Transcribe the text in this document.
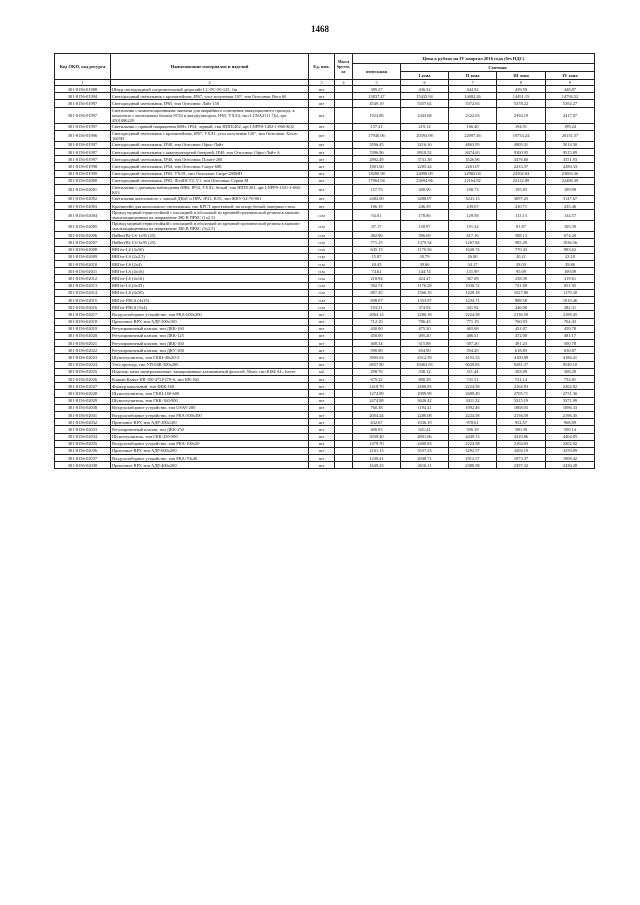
1468
Код ОКП, код ресурса	Наименование материалов и изделий	Ед. изм.	Масса брутто, кг	Цена в рублях на IV квартал 2016 года (без НДС)				
				отпускная	Сметная			
					I зона	II зона	III зона	IV зона
1	2	3	4	5	6	7	8	9
301-8156-01988	Шнур светодиодный соединительный дюралайт LC-PC-50-125, 1m	шт		389.27	436.32	444.92	439.59	448.87
301-8156-01994	Светодиодный светильник с кронштейном, IP67, угол излучения 110°, тип Оптолюкс Вега 60	шт		13837.47	15433.94	14682.26	14491.15	14794.52
301-8156-01997	Светодиодный светильник, IP65, тип Оптолюкс Лайт 150	шт		4549.19	5357.62	5372.63	5378.22	5392.27
301-8156-01997	Светильник с компенсационными линзами для аварийного освещения эвакуационного прохода, в комплекте с монтажным блоком ST34 и аккумулятором, IP65, УХЛ4, тип LUNA2111 7(s), арт 4501006220	шт		1923.86	2343.68	2322.03	2394.19	2417.07
301-8156-01997	Светильник с прямой напряжения 60Вт, IP54, черный, тип НПП1402, арт LNPP0-1402-1-060-K02	шт		157.21	219.14	166.40	194.91	199.24
301-8156-01996	Светодиодный светильник с кронштейном, IP67, УХЛ1, угол излучения 120°, тип Оптолюкс Холло 1065Н	шт		17940.06	20393.98	22097.46	19753.24	20151.57
301-8156-01997	Светодиодный светильник, IP40, тип Оптолюкс Офис-Лайт	шт		3596.45	3216.16	4863.95	4905.31	5014.38
301-8156-01997	Светодиодный светильник с аккумуляторной батареей, IP40, тип Оптолюкс Офис-Лайт-А	шт		7496.96	8918.52	8474.65	9300.95	9515.89
301-8156-01997	Светодиодный светильник, IP40, тип Оптолюкс Поинт-200	шт		2892.49	3731.38	3526.96	3476.60	3551.93
301-8156-01998	Светодиодный светильник, IP54, тип Оптолюкс Скорт-60Е	шт		1801.60	2285.24	2261.07	2233.37	2280.33
301-8156-01999	Светодиодный светильник, IP65, УХЛ1, тип Оптолюкс Скорт-200МП	шт		18280.98	24096.09	22982.04	22564.84	23063.36
301-8156-02000	Светодиодный светильник, IP65, IExdIICT4, V1, тип Оптолюкс Стрим М	шт		17964.94	23694.96	22164.82	22122.89	22486.39
301-8156-02001	Светильник с датчиком наблюдения 60Вт, IP54, УХЛ2, белый, тип НПП1301, арт LNPP0-1301-1-060-K03	шт		157.75	208.90	198.73	195.83	199.98
301-8156-02002	Светильник консольного с лампой ДНаТ и ПРА, IP23, КЛ1, тип ЖКУ-32-70-001	шт		2482.00	3280.07	3241.13	3097.25	3147.67
301-8156-02003	Кронштейн для консольного светильника, тип КРСТ приставной, на опору белый, материал сталь	шт		186.19	246.39	239.07	230.71	235.46
301-8156-02004	Провод медный термостойкий с изоляцией и оболочкой из кремний-органической резины в мягким-эмалезащищенным на напряжение 380 В ПРКС (1х2,5)	п.м		92.01	178.86	129.58	113.13	134.57
301-8156-02005	Провод медный термостойкий с изоляцией и оболочкой из кремний-органической резины в мягким-эмалезащищенным на напряжение 380 В ПРКС (5х2,5)	п.м		87.17	139.97	191.32	91.87	105.39
301-8156-02006	ПвВнг(B)-LS-1х95 (25)	п.м		482.96	596.69	617.16	588.13	674.20
301-8156-02007	ПвВнг(B)-LS-3х95 (25)	п.м		771.15	1379.34	1267.84	985.29	1036.56
301-8156-02008	ВВГнг-LS (4х50)	п.м		645.15	1170.56	1628.74	770.43	883.62
301-8156-02009	ВВГнг-LS (2х2,5)	п.м		15.87	30.79	26.00	20.21	23.18
301-8156-02010	ВВГнг-LS (2х4)	п.м		20.45	39.66	34.17	28.03	29.86
301-8156-02011	ВВГнг-LS (4х16)	п.м		74.62	144.74	131.99	95.09	109.09
301-8156-02012	ВВГнг-LS (4х16)	п.м		218.94	424.47	367.08	238.39	319.61
301-8156-02013	ВВГнг-LS (4х35)	п.м		392.74	1176.28	1030.72	741.80	851.05
301-8156-02014	ВВГнг-LS (4х50)	п.м		807.45	1566.35	1428.18	1027.80	1179.30
301-8156-02015	ВВГнг-FRLS (4х35)	п.м		698.07	1353.97	1234.71	888.58	1019.46
301-8156-02016	ВВГнг-FRLS (5х4)	п.м		193.31	374.94	341.92	246.08	282.31
301-8156-02017	Воздухозаборное устройство, тип РКА-600х300	шт		2064.14	2280.18	2224.58	2156.59	2189.45
301-8156-02018	Приточное ВРУ, тип АДР-200х100	шт		712.10	786.43	771.19	760.93	764.43
301-8156-02019	Регулировочный клапан, тип ДКК-160	шт		430.00	475.30	465.68	451.07	459.78
301-8156-02020	Регулировочный клапан, тип ДКК-125	шт		450.00	495.20	486.51	472.00	481.17
301-8156-02021	Регулировочный клапан, тип ДКК-160	шт		468.34	515.88	507.20	491.23	500.78
301-8156-02022	Регулировочный клапан, тип ДКУ-200	шт		590.00	654.90	594.20	618.85	630.87
301-8156-02023	Шумоглушитель, тип ГКШ-40х20-2	шт		3905.63	4312.59	4152.33	4100.89	4186.41
301-8156-02024	Узел прохода, тип УП-04К-300х200	шт		6857.80	10463.65	9639.83	9281.37	9549.10
301-8156-02025	Изделия, маты минераловатные, кашированные алюминиевой фольгой, 50мм, тип KIM-AL, Isover	м2		298.76	338.12	311.44	303.09	308.28
301-8156-02026	Клапан Канал-КВ-100-4*LF270-S, тип КВ-160	шт		679.22	808.28	741.51	721.14	734.81
301-8156-02027	Фильтр канальный, тип ФБК-160	шт		1419.70	2400.83	2224.58	2164.93	2202.02
301-8156-02028	Шумоглушитель, тип ГКШ-160-600	шт		1274.89	2999.99	2689.49	2705.71	2751.36
301-8156-02029	Шумоглушитель, тип ГКК-160-900	шт		2474.88	3626.42	3411.32	3315.19	3371.99
301-8156-02030	Воздухозаборное устройство, тип USAV-200	шт		760.38	1194.41	1092.46	1068.03	1086.33
301-8156-02031	Воздухозаборное устройство, тип РКА-500х300	шт		2054.24	2280.08	2224.58	2156.59	2196.45
301-8156-02032	Приточное ВРУ, тип АДР-200х100	шт		632.67	1036.19	978.61	952.57	968.89
301-8156-02033	Регулировочный клапан, тип ДКК-250	шт		406.03	641.42	596.19	580.39	590.14
301-8156-02034	Шумоглушитель, тип ГКК-250-990	шт		3039.40	4801.66	4449.15	4329.86	4404.05
301-8156-02035	Воздухозаборное устройство, тип РКА-100х50	шт		1479.70	2400.83	2224.58	2164.93	2202.02
301-8156-02036	Приточное ВРУ, тип АДР-600х200	шт		2161.15	3537.23	3292.57	3204.19	3259.09
301-8156-02037	Воздухозаборное устройство, тип РКА-70х40	шт		1239.41	2048.72	1912.57	1873.37	1908.42
301-8156-02038	Приточное ВРУ, тип АДР-400х200	шт		1649.23	2616.11	2388.58	2397.32	2430.28
